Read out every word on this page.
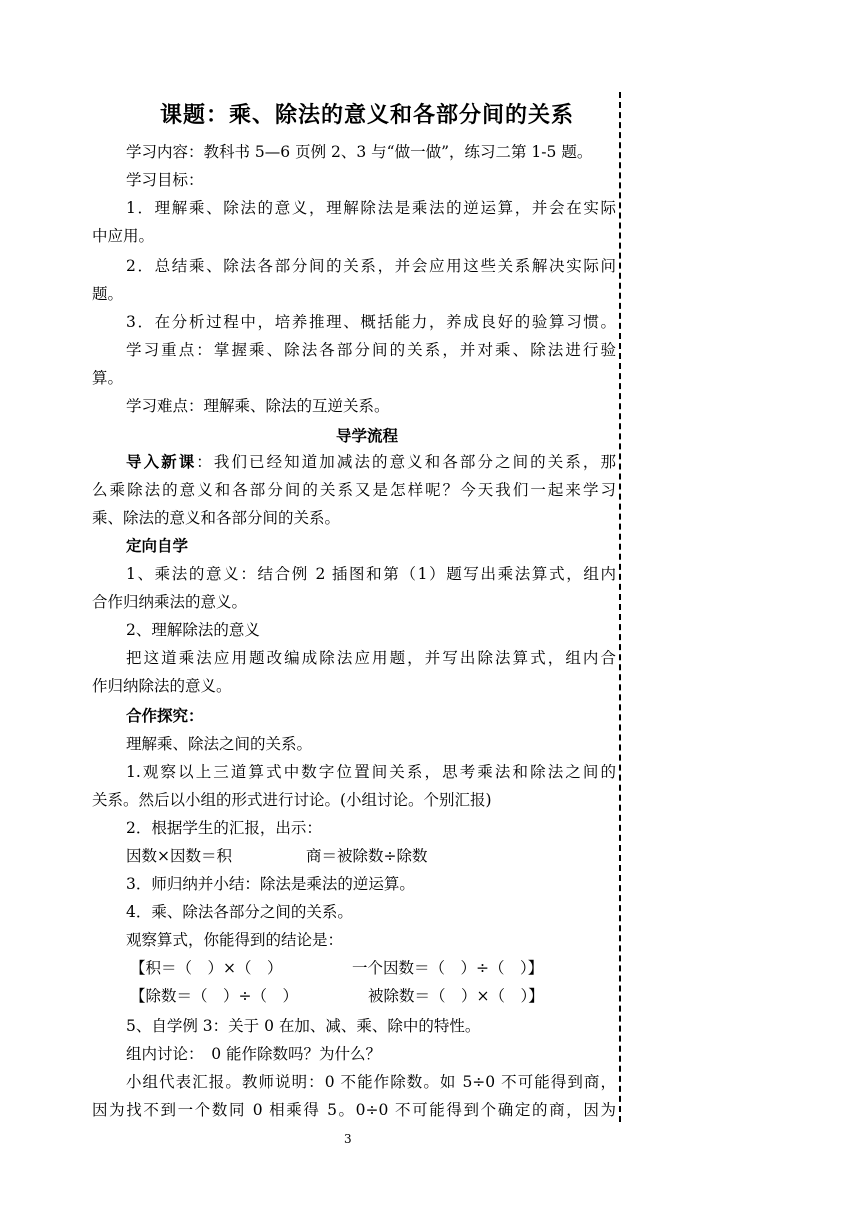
课题：乘、除法的意义和各部分间的关系
学习内容：教科书 5—6 页例 2、3 与“做一做”，练习二第 1-5 题。
学习目标：
1．理解乘、除法的意义，理解除法是乘法的逆运算，并会在实际
中应用。
2．总结乘、除法各部分间的关系，并会应用这些关系解决实际问
题。
3．在分析过程中，培养推理、概括能力，养成良好的验算习惯。
学习重点：掌握乘、除法各部分间的关系，并对乘、除法进行验
算。
学习难点：理解乘、除法的互逆关系。
导学流程
导入新课：我们已经知道加减法的意义和各部分之间的关系，那
么乘除法的意义和各部分间的关系又是怎样呢？今天我们一起来学习
乘、除法的意义和各部分间的关系。
定向自学
1、乘法的意义：结合例 2 插图和第（1）题写出乘法算式，组内
合作归纳乘法的意义。
2、理解除法的意义
把这道乘法应用题改编成除法应用题，并写出除法算式，组内合
作归纳除法的意义。
合作探究：
理解乘、除法之间的关系。
1.观察以上三道算式中数字位置间关系，思考乘法和除法之间的
关系。然后以小组的形式进行讨论。(小组讨论。个别汇报)
2．根据学生的汇报，出示：
因数×因数＝积	商＝被除数÷除数
3．师归纳并小结：除法是乘法的逆运算。
4．乘、除法各部分之间的关系。
观察算式，你能得到的结论是：
【积＝（　）×（　）	一个因数＝（　）÷（　）】
【除数＝（　）÷（　）	被除数＝（　）×（　）】
5、自学例 3：关于 0 在加、减、乘、除中的特性。
组内讨论：　0 能作除数吗？为什么？
小组代表汇报。教师说明：0 不能作除数。如 5÷0 不可能得到商，
因为找不到一个数同 0 相乘得 5。0÷0 不可能得到个确定的商，因为
3
